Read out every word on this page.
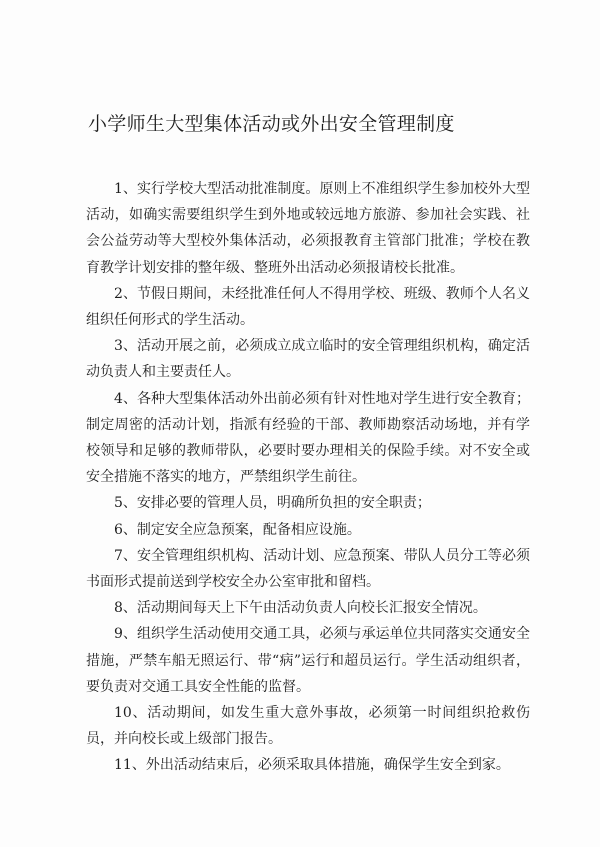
小学师生大型集体活动或外出安全管理制度

1、实行学校大型活动批准制度。原则上不准组织学生参加校外大型活动，如确实需要组织学生到外地或较远地方旅游、参加社会实践、社会公益劳动等大型校外集体活动，必须报教育主管部门批准；学校在教育教学计划安排的整年级、整班外出活动必须报请校长批准。

2、节假日期间，未经批准任何人不得用学校、班级、教师个人名义组织任何形式的学生活动。

3、活动开展之前，必须成立成立临时的安全管理组织机构，确定活动负责人和主要责任人。

4、各种大型集体活动外出前必须有针对性地对学生进行安全教育；制定周密的活动计划，指派有经验的干部、教师勘察活动场地，并有学校领导和足够的教师带队，必要时要办理相关的保险手续。对不安全或安全措施不落实的地方，严禁组织学生前往。

5、安排必要的管理人员，明确所负担的安全职责；

6、制定安全应急预案，配备相应设施。

7、安全管理组织机构、活动计划、应急预案、带队人员分工等必须书面形式提前送到学校安全办公室审批和留档。

8、活动期间每天上下午由活动负责人向校长汇报安全情况。

9、组织学生活动使用交通工具，必须与承运单位共同落实交通安全措施，严禁车船无照运行、带“病”运行和超员运行。学生活动组织者，要负责对交通工具安全性能的监督。

10、活动期间，如发生重大意外事故，必须第一时间组织抢救伤员，并向校长或上级部门报告。

11、外出活动结束后，必须采取具体措施，确保学生安全到家。
